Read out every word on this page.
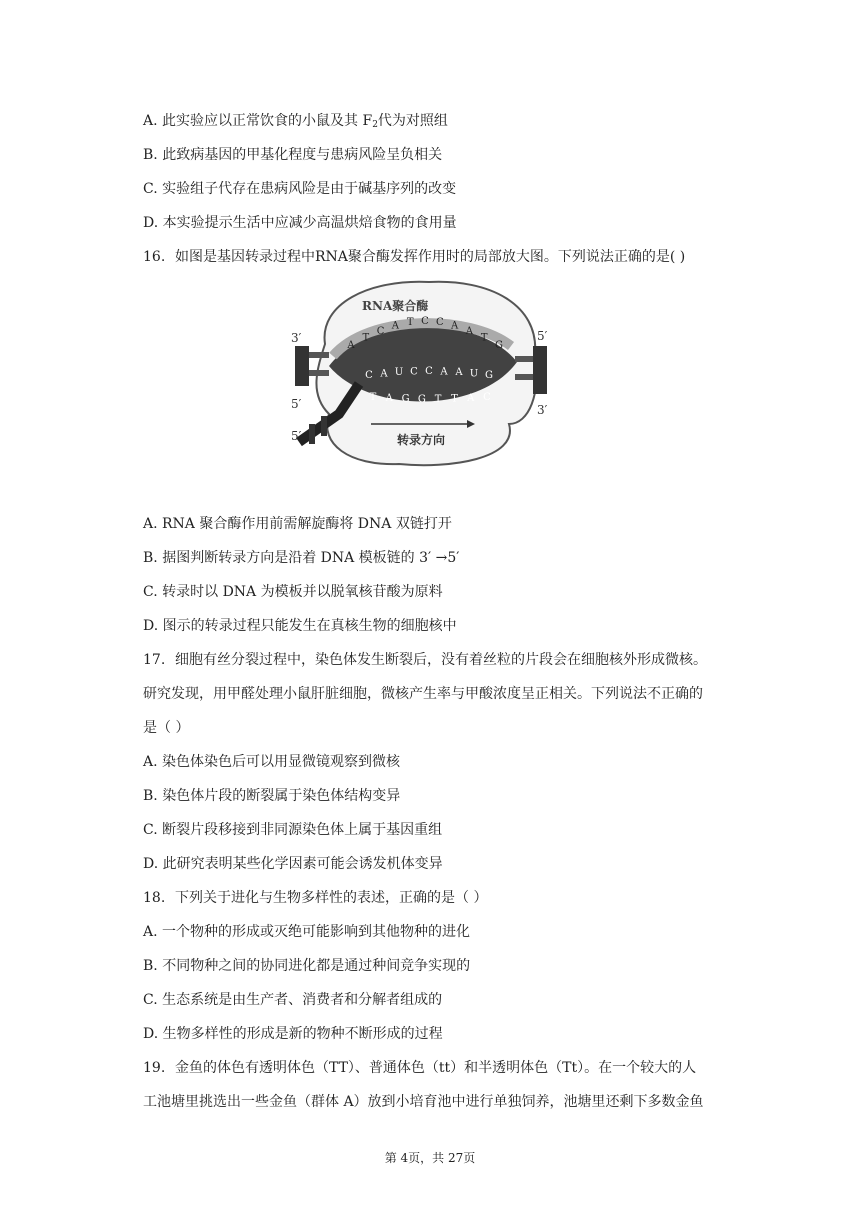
A. 此实验应以正常饮食的小鼠及其 $F_2$代为对照组
B. 此致病基因的甲基化程度与患病风险呈负相关
C. 实验组子代存在患病风险是由于碱基序列的改变
D. 本实验提示生活中应减少高温烘焙食物的食用量
16. 如图是基因转录过程中RNA聚合酶发挥作用时的局部放大图。下列说法正确的是( )
RNA聚合酶
3′
5′
5′
5′
3′
A
T
C A T C C A A
T
G
C A U C C A A U G
T A G G T T A C
转录方向
A. RNA 聚合酶作用前需解旋酶将 DNA 双链打开
B. 据图判断转录方向是沿着 DNA 模板链的 3′ →5′
C. 转录时以 DNA 为模板并以脱氧核苷酸为原料
D. 图示的转录过程只能发生在真核生物的细胞核中
17. 细胞有丝分裂过程中，染色体发生断裂后，没有着丝粒的片段会在细胞核外形成微核。
研究发现，用甲醛处理小鼠肝脏细胞，微核产生率与甲酸浓度呈正相关。下列说法不正确的
是（ ）
A. 染色体染色后可以用显微镜观察到微核
B. 染色体片段的断裂属于染色体结构变异
C. 断裂片段移接到非同源染色体上属于基因重组
D. 此研究表明某些化学因素可能会诱发机体变异
18. 下列关于进化与生物多样性的表述，正确的是（ ）
A. 一个物种的形成或灭绝可能影响到其他物种的进化
B. 不同物种之间的协同进化都是通过种间竞争实现的
C. 生态系统是由生产者、消费者和分解者组成的
D. 生物多样性的形成是新的物种不断形成的过程
19. 金鱼的体色有透明体色（TT）、普通体色（tt）和半透明体色（Tt）。在一个较大的人
工池塘里挑选出一些金鱼（群体 A）放到小培育池中进行单独饲养，池塘里还剩下多数金鱼
第 4页，共 27页
